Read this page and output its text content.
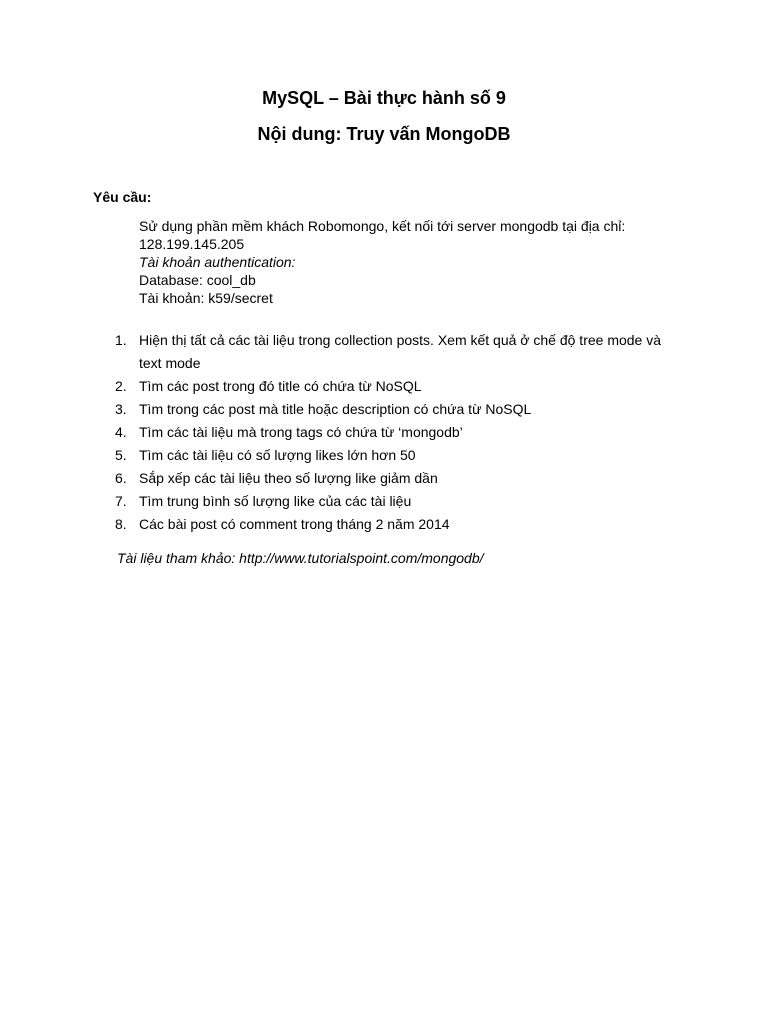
MySQL – Bài thực hành số 9
Nội dung: Truy vấn MongoDB
Yêu cầu:
Sử dụng phần mềm khách Robomongo, kết nối tới server mongodb tại địa chỉ:
128.199.145.205
Tài khoản authentication:
Database: cool_db
Tài khoản: k59/secret
1. Hiện thị tất cả các tài liệu trong collection posts. Xem kết quả ở chế độ tree mode và text mode
2. Tìm các post trong đó title có chứa từ NoSQL
3. Tìm trong các post mà title hoặc description có chứa từ NoSQL
4. Tìm các tài liệu mà trong tags có chứa từ ‘mongodb’
5. Tìm các tài liệu có số lượng likes lớn hơn 50
6. Sắp xếp các tài liệu theo số lượng like giảm dần
7. Tìm trung bình số lượng like của các tài liệu
8. Các bài post có comment trong tháng 2 năm 2014
Tài liệu tham khảo: http://www.tutorialspoint.com/mongodb/
